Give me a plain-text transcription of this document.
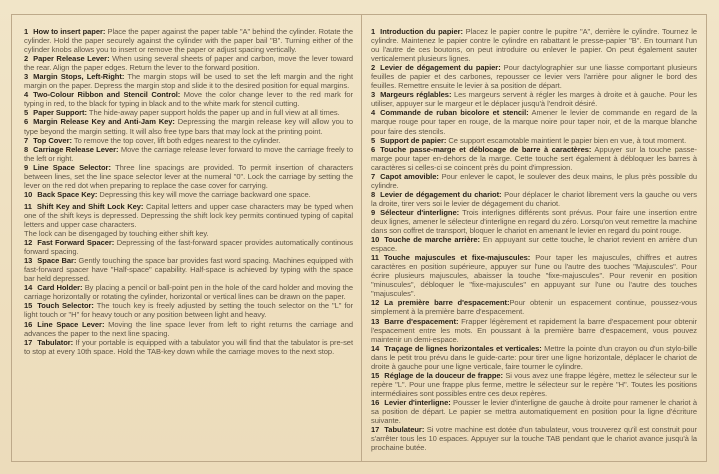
1 How to insert paper: Place the paper against the paper table "A" behind the cylinder. Rotate the cylinder. Hold the paper securely against the cylinder with the paper bail "B". Turning either of the cylinder knobs allows you to insert or remove the paper or adjust spacing vertically.

2 Paper Release Lever: When using several sheets of paper and carbon, move the lever toward the rear. Align the paper edges. Return the lever to the forward position.

3 Margin Stops, Left-Right: The margin stops will be used to set the left margin and the right margin on the paper. Depress the margin stop and slide it to the desired position for equal margins.

4 Two-Colour Ribbon and Stencil Control: Move the color change lever to the red mark for typing in red, to the black for typing in black and to the white mark for stencil cutting.

5 Paper Support: The hide-away paper support holds the paper up and in full view at all times.

6 Margin Release Key and Anti-Jam Key: Depressing the margin release key will allow you to type beyond the margin setting. It will also free type bars that may lock at the printing point.

7 Top Cover: To remove the top cover, lift both edges nearest to the cylinder.

8 Carriage Release Lever: Move the carriage release lever forward to move the carriage freely to the left or right.

9 Line Space Selector: Three line spacings are provided. To permit insertion of characters between lines, set the line space selector lever at the numeral "0". Lock the carriage by setting the lever on the red dot when preparing to replace the case cover for carrying.

10 Back Space Key: Depressing this key will move the carriage backward one space.

11 Shift Key and Shift Lock Key: Capital letters and upper case characters may be typed when one of the shift keys is depressed. Depressing the shift lock key permits continued typing of capital letters and upper case characters.
The lock can be disengaged by touching either shift key.

12 Fast Forward Spacer: Depressing of the fast-forward spacer provides automatically continous forward spacing.

13 Space Bar: Gently touching the space bar provides fast word spacing. Machines equipped with fast-forward spacer have "Half-space" capability. Half-space is achieved by typing with the space bar held depressed.

14 Card Holder: By placing a pencil or ball-point pen in the hole of the card holder and moving the carriage horizontally or rotating the cylinder, horizontal or vertical lines can be drawn on the paper.

15 Touch Selector: The touch key is freely adjusted by setting the touch selector on the "L" for light touch or "H" for heavy touch or any position between light and heavy.

16 Line Space Lever: Moving the line space lever from left to right returns the carriage and advances the paper to the next line spacing.

17 Tabulator: If your portable is equipped with a tabulator you will find that the tabulator is pre-set to stop at every 10th space. Hold the TAB-key down while the carriage moves to the next stop.

1 Introduction du papier: Placez le papier contre le pupitre "A", derrière le cylindre. Tournez le cylindre. Maintenez le papier contre le cylindre en rabattant le presse-papier "B". En tournant l'un ou l'autre de ces boutons, on peut introduire ou enlever le papier. On peut également sauter verticalement plusieurs lignes.

2 Levier de dégagement du papier: Pour dactylographier sur une liasse comportant plusieurs feuilles de papier et des carbones, repousser ce levier vers l'arrière pour aligner le bord des feuilles. Remettre ensuite le levier à sa position de départ.

3 Margeurs réglables: Les margeurs servent à régler les marges à droite et à gauche. Pour les utiliser, appuyer sur le margeur et le déplacer jusqu'à l'endroit désiré.

4 Commande de ruban bicolore et stencil: Amener le levier de commande en regard de la marque rouge pour taper en rouge, de la marque noire pour taper noir, et de la marque blanche pour faire des stencils.

5 Support de papier: Ce support escamotable maintient le papier bien en vue, à tout moment.

6 Touche passe-marge et déblocage de barre à caractères: Appuyer sur la touche passe-marge pour taper en-dehors de la marge. Cette touche sert également à débloquer les barres à caractères si celles-ci se coincent près du point d'impression.

7 Capot amovible: Pour enlever le capot, le soulever des deux mains, le plus près possible du cylindre.

8 Levier de dégagement du chariot: Pour déplacer le chariot librement vers la gauche ou vers la droite, tirer vers soi le levier de dégagement du chariot.

9 Sélecteur d'interligne: Trois interlignes différents sont prévus. Pour faire une insertion entre deux lignes, amener le sélecteur d'interligne en regard du zéro. Lorsqu'on veut remettre la machine dans son coffret de transport, bloquer le chariot en amenant le levier en regard du point rouge.

10 Touche de marche arrière: En appuyant sur cette touche, le chariot revient en arrière d'un espace.

11 Touche majuscules et fixe-majuscules: Pour taper les majuscules, chiffres et autres caractères en position supérieure, appuyer sur l'une ou l'autre des tuoches "Majuscules". Pour écrire plusieurs majuscules, abaisser la touche "fixe-majuscules". Pour revenir en position "minuscules", débloquer le "fixe-majuscules" en appuyant sur l'une ou l'autre des touches "majuscules".

12 La première barre d'espacement:Pour obtenir un espacement continue, poussez-vous simplement à la première barre d'espacement.

13 Barre d'espacement: Frapper légèrement et rapidement la barre d'espacement pour obtenir l'espacement entre les mots. En poussant à la première barre d'espacement, vous pouvez maintenir un demi-espace.

14 Traçage de lignes horizontales et verticales: Mettre la pointe d'un crayon ou d'un stylo-bille dans le petit trou prévu dans le guide-carte: pour tirer une ligne horizontale, déplacer le chariot de droite à gauche pour une ligne verticale, faire tourner le cylindre.

15 Réglage de la douceur de frappe: Si vous avez une frappe légère, mettez le sélecteur sur le repère "L". Pour une frappe plus ferme, mettre le sélecteur sur le repère "H". Toutes les positions intermédiaires sont possibles entre ces deux repères.

16 Levier d'interligne: Pousser le levier d'interligne de gauche à droite pour ramener le chariot à sa position de départ. Le papier se mettra automatiquement en position pour la ligne d'écriture suivante.

17 Tabulateur: Si votre machine est dotée d'un tabulateur, vous trouverez qu'il est construit pour s'arrêter tous les 10 espaces. Appuyer sur la touche TAB pendant que le chariot avance jusqu'à la prochaine butée.
